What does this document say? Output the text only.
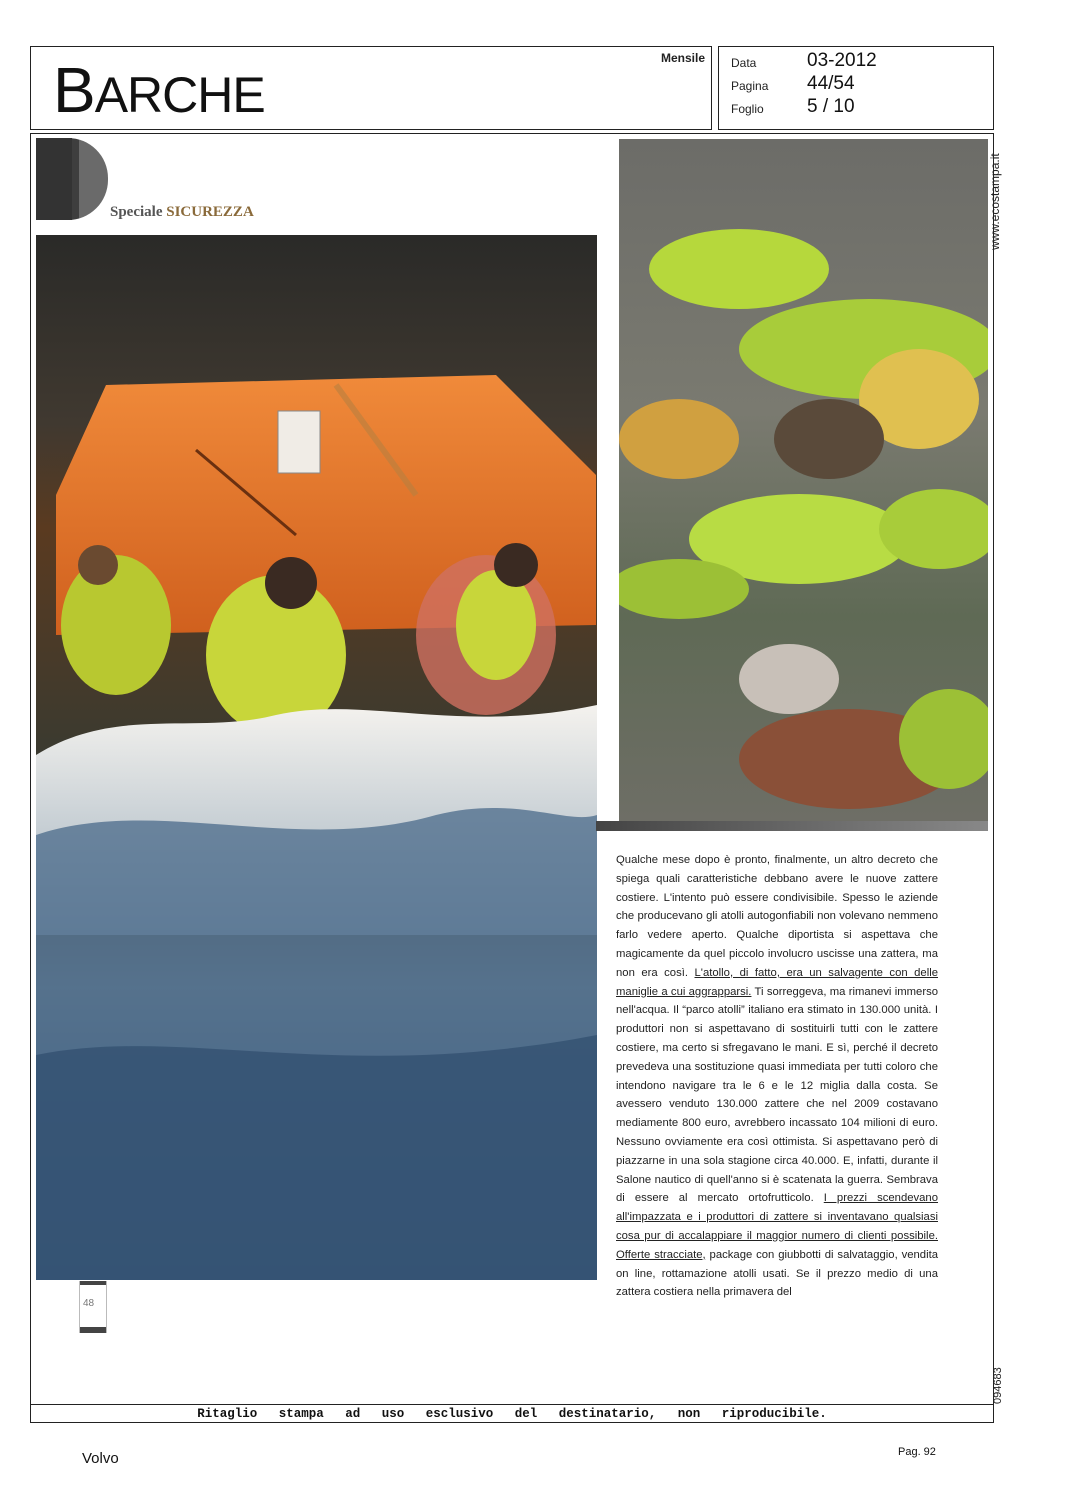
BARCHE
Mensile Data	03-2012
Pagina 44/54
Foglio 5 / 10
www.ecostampa.it
094683
Speciale SICUREZZA

Qualche mese dopo è pronto, finalmente, un altro decreto che spiega quali caratteristiche debbano avere le nuove zattere costiere. L'intento può essere condivisibile. Spesso le aziende che producevano gli atolli autogonfiabili non volevano nemmeno farlo vedere aperto. Qualche diportista si aspettava che magicamente da quel piccolo involucro uscisse una zattera, ma non era così. L'atollo, di fatto, era un salvagente con delle maniglie a cui aggrapparsi. Ti sorreggeva, ma rimanevi immerso nell'acqua. Il “parco atolli” italiano era stimato in 130.000 unità. I produttori non si aspettavano di sostituirli tutti con le zattere costiere, ma certo si sfregavano le mani. E sì, perché il decreto prevedeva una sostituzione quasi immediata per tutti coloro che intendono navigare tra le 6 e le 12 miglia dalla costa. Se avessero venduto 130.000 zattere che nel 2009 costavano mediamente 800 euro, avrebbero incassato 104 milioni di euro. Nessuno ovviamente era così ottimista. Si aspettavano però di piazzarne in una sola stagione circa 40.000. E, infatti, durante il Salone nautico di quell'anno si è scatenata la guerra. Sembrava di essere al mercato ortofrutticolo. I prezzi scendevano all'impazzata e i produttori di zattere si inventavano qualsiasi cosa pur di accalappiare il maggior numero di clienti possibile. Offerte stracciate, package con giubbotti di salvataggio, vendita on line, rottamazione atolli usati. Se il prezzo medio di una zattera costiera nella primavera del

48
Ritaglio stampa ad uso esclusivo del destinatario, non riproducibile.
Volvo	Pag. 92
